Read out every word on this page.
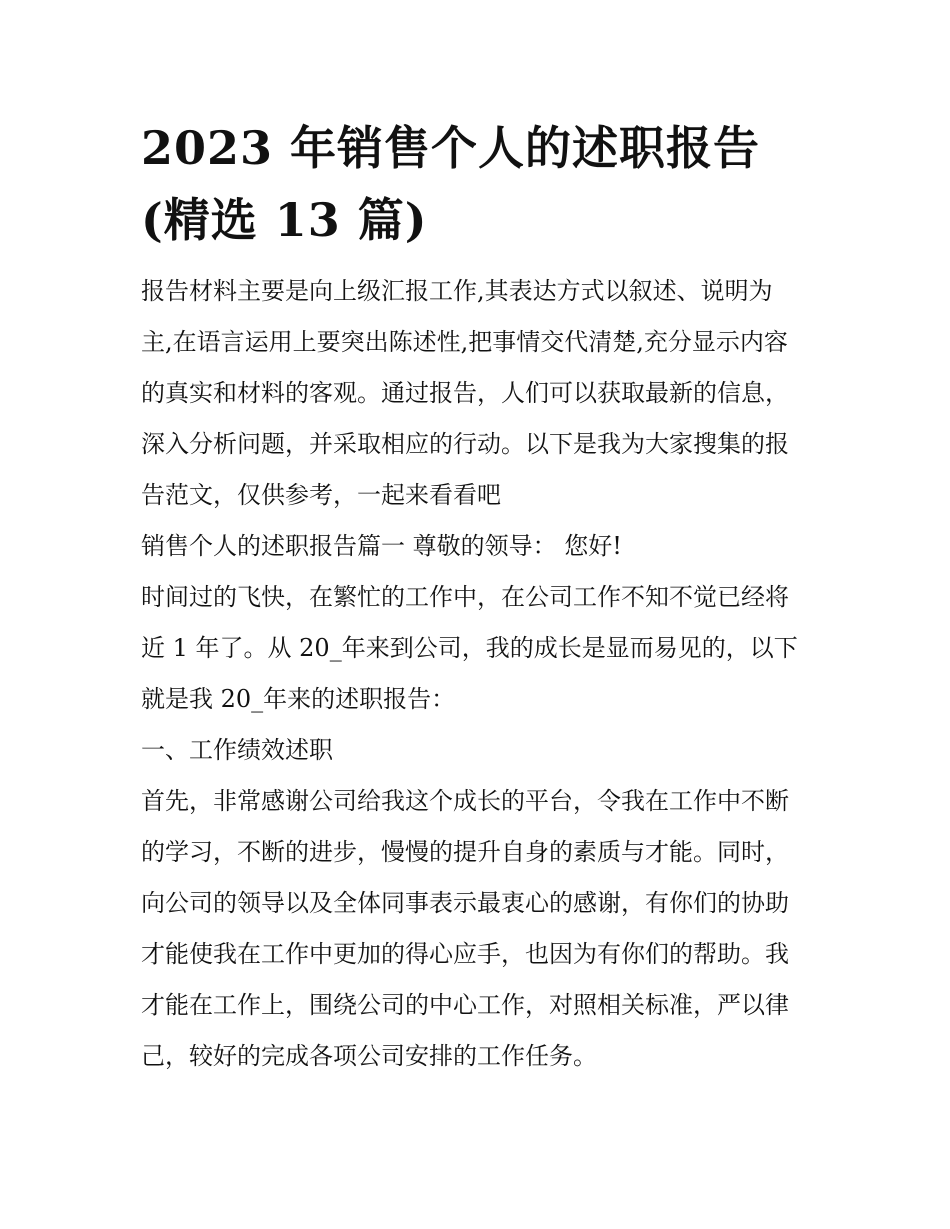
2023 年销售个人的述职报告
(精选 13 篇)

报告材料主要是向上级汇报工作,其表达方式以叙述、说明为

主,在语言运用上要突出陈述性,把事情交代清楚,充分显示内容

的真实和材料的客观。通过报告，人们可以获取最新的信息，

深入分析问题，并采取相应的行动。以下是我为大家搜集的报

告范文，仅供参考，一起来看看吧

销售个人的述职报告篇一 尊敬的领导： 您好!

时间过的飞快，在繁忙的工作中，在公司工作不知不觉已经将

近 1 年了。从 20_年来到公司，我的成长是显而易见的，以下

就是我 20_年来的述职报告：

一、工作绩效述职

首先，非常感谢公司给我这个成长的平台，令我在工作中不断

的学习，不断的进步，慢慢的提升自身的素质与才能。同时，

向公司的领导以及全体同事表示最衷心的感谢，有你们的协助

才能使我在工作中更加的得心应手，也因为有你们的帮助。我

才能在工作上，围绕公司的中心工作，对照相关标准，严以律

己，较好的完成各项公司安排的工作任务。
